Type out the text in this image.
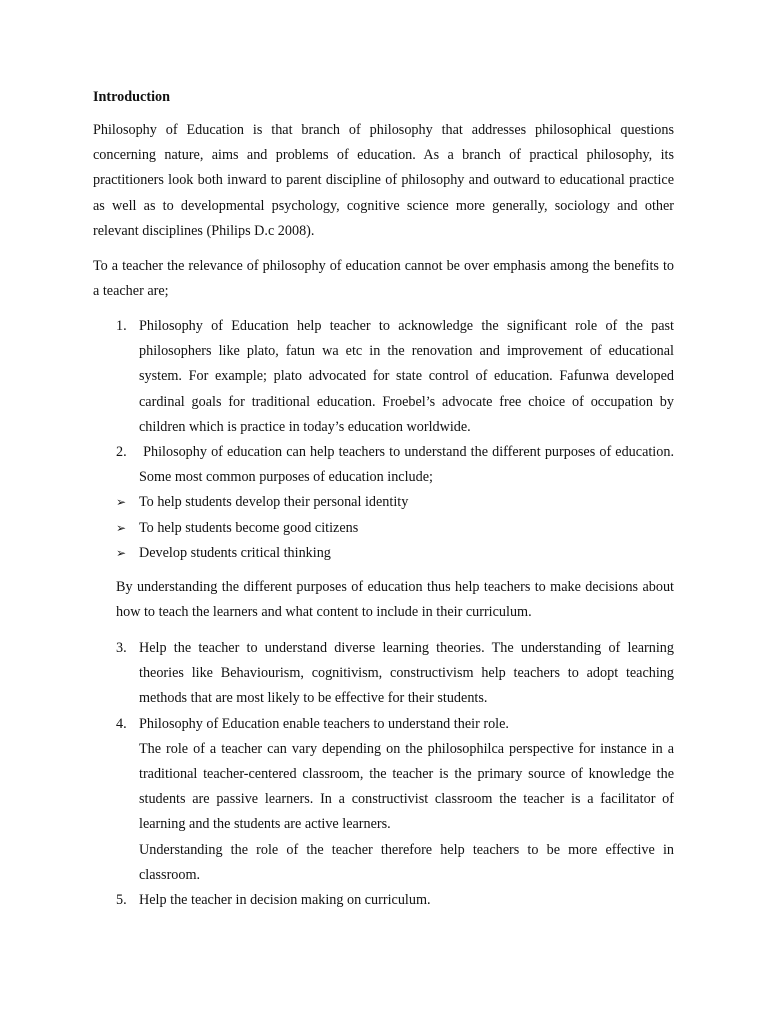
Introduction

Philosophy of Education is that branch of philosophy that addresses philosophical questions concerning nature, aims and problems of education. As a branch of practical philosophy, its practitioners look both inward to parent discipline of philosophy and outward to educational practice as well as to developmental psychology, cognitive science more generally, sociology and other relevant disciplines (Philips D.c 2008).

To a teacher the relevance of philosophy of education cannot be over emphasis among the benefits to a teacher are;

1. Philosophy of Education help teacher to acknowledge the significant role of the past philosophers like plato, fatun wa etc in the renovation and improvement of educational system. For example; plato advocated for state control of education. Fafunwa developed cardinal goals for traditional education. Froebel’s advocate free choice of occupation by children which is practice in today’s education worldwide.
2. Philosophy of education can help teachers to understand the different purposes of education. Some most common purposes of education include;
➢ To help students develop their personal identity
➢ To help students become good citizens
➢ Develop students critical thinking

By understanding the different purposes of education thus help teachers to make decisions about how to teach the learners and what content to include in their curriculum.

3. Help the teacher to understand diverse learning theories. The understanding of learning theories like Behaviourism, cognitivism, constructivism help teachers to adopt teaching methods that are most likely to be effective for their students.
4. Philosophy of Education enable teachers to understand their role.
The role of a teacher can vary depending on the philosophilca perspective for instance in a traditional teacher-centered classroom, the teacher is the primary source of knowledge the students are passive learners. In a constructivist classroom the teacher is a facilitator of learning and the students are active learners.
Understanding the role of the teacher therefore help teachers to be more effective in classroom.
5. Help the teacher in decision making on curriculum.
